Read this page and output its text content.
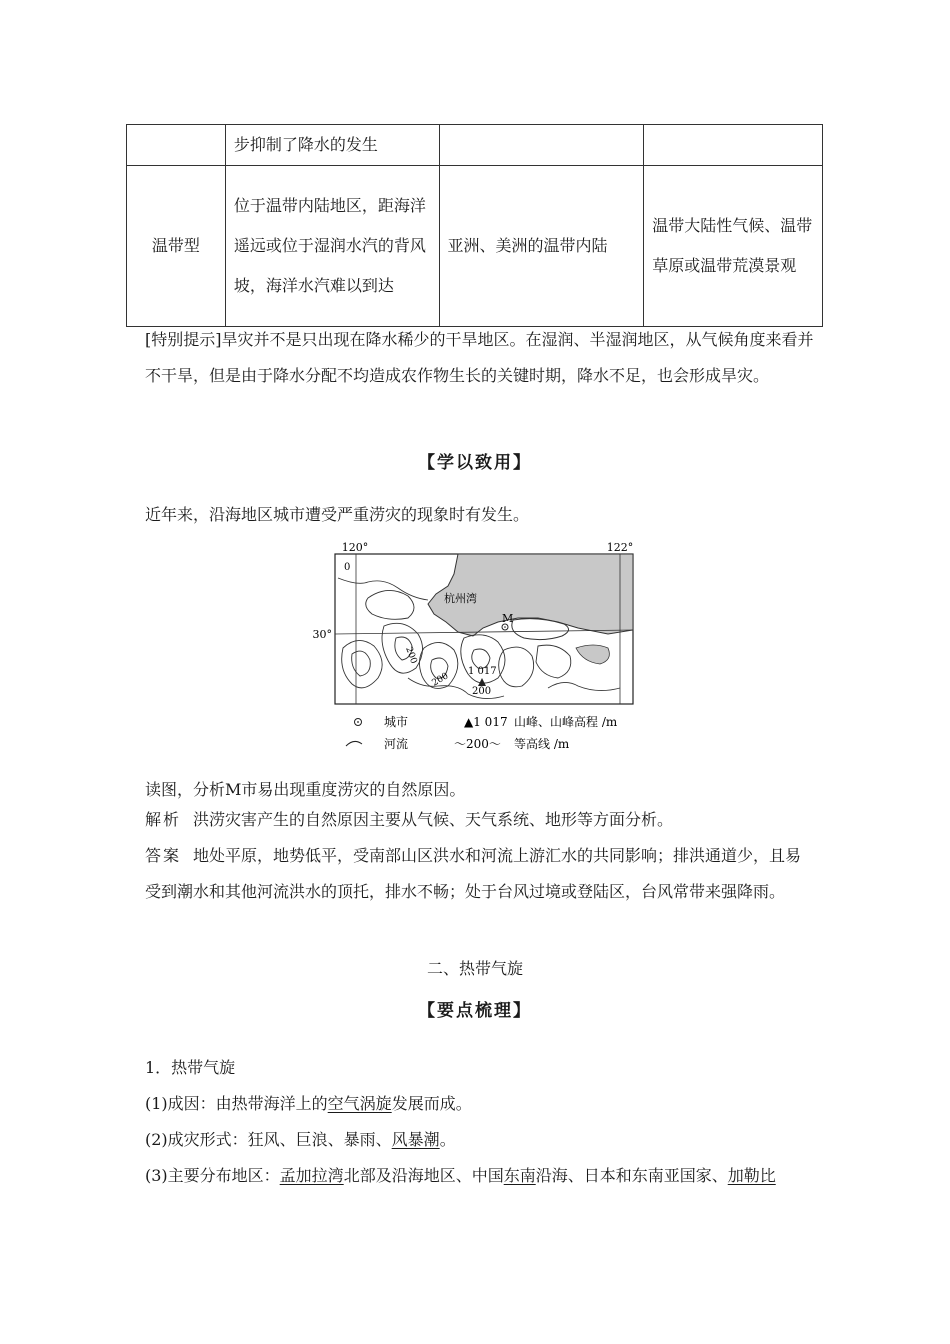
	步抑制了降水的发生		
温带型	位于温带内陆地区，距海洋遥远或位于湿润水汽的背风坡，海洋水汽难以到达	亚洲、美洲的温带内陆	温带大陆性气候、温带草原或温带荒漠景观
[特别提示]旱灾并不是只出现在降水稀少的干旱地区。在湿润、半湿润地区，从气候角度来看并不干旱，但是由于降水分配不均造成农作物生长的关键时期，降水不足，也会形成旱灾。
【学以致用】
近年来，沿海地区城市遭受严重涝灾的现象时有发生。
120°	122°
30°
0
杭州湾
M
1 017
200
200
200
城市	▲1 017 山峰、山峰高程 /m
河流	～200～ 等高线 /m
读图，分析M市易出现重度涝灾的自然原因。
解析 洪涝灾害产生的自然原因主要从气候、天气系统、地形等方面分析。
答案 地处平原，地势低平，受南部山区洪水和河流上游汇水的共同影响；排洪通道少，且易受到潮水和其他河流洪水的顶托，排水不畅；处于台风过境或登陆区，台风常带来强降雨。
二、热带气旋
【要点梳理】
1．热带气旋
(1)成因：由热带海洋上的空气涡旋发展而成。
(2)成灾形式：狂风、巨浪、暴雨、风暴潮。
(3)主要分布地区：孟加拉湾北部及沿海地区、中国东南沿海、日本和东南亚国家、加勒比
